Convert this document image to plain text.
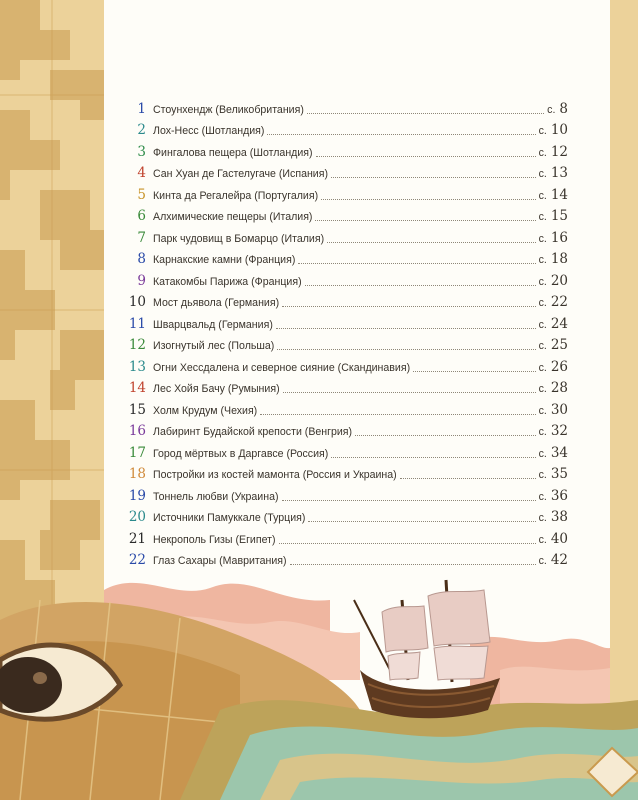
1 Стоунхендж (Великобритания)	с. 8
2 Лох-Несс (Шотландия)	с. 10
3 Фингалова пещера (Шотландия)	с. 12
4 Сан Хуан де Гастелугаче (Испания)	с. 13
5 Кинта да Регалейра (Португалия)	с. 14
6 Алхимические пещеры (Италия)	с. 15
7 Парк чудовищ в Бомарцо (Италия)	с. 16
8 Карнакские камни (Франция)	с. 18
9 Катакомбы Парижа (Франция)	с. 20
10 Мост дьявола (Германия)	с. 22
11 Шварцвальд (Германия)	с. 24
12 Изогнутый лес (Польша)	с. 25
13 Огни Хессдалена и северное сияние (Скандинавия)	с. 26
14 Лес Хойя Бачу (Румыния)	с. 28
15 Холм Крудум (Чехия)	с. 30
16 Лабиринт Будайской крепости (Венгрия)	с. 32
17 Город мёртвых в Даргавсе (Россия)	с. 34
18 Постройки из костей мамонта (Россия и Украина)	с. 35
19 Тоннель любви (Украина)	с. 36
20 Источники Памуккале (Турция)	с. 38
21 Некрополь Гизы (Египет)	с. 40
22 Глаз Сахары (Мавритания)	с. 42
